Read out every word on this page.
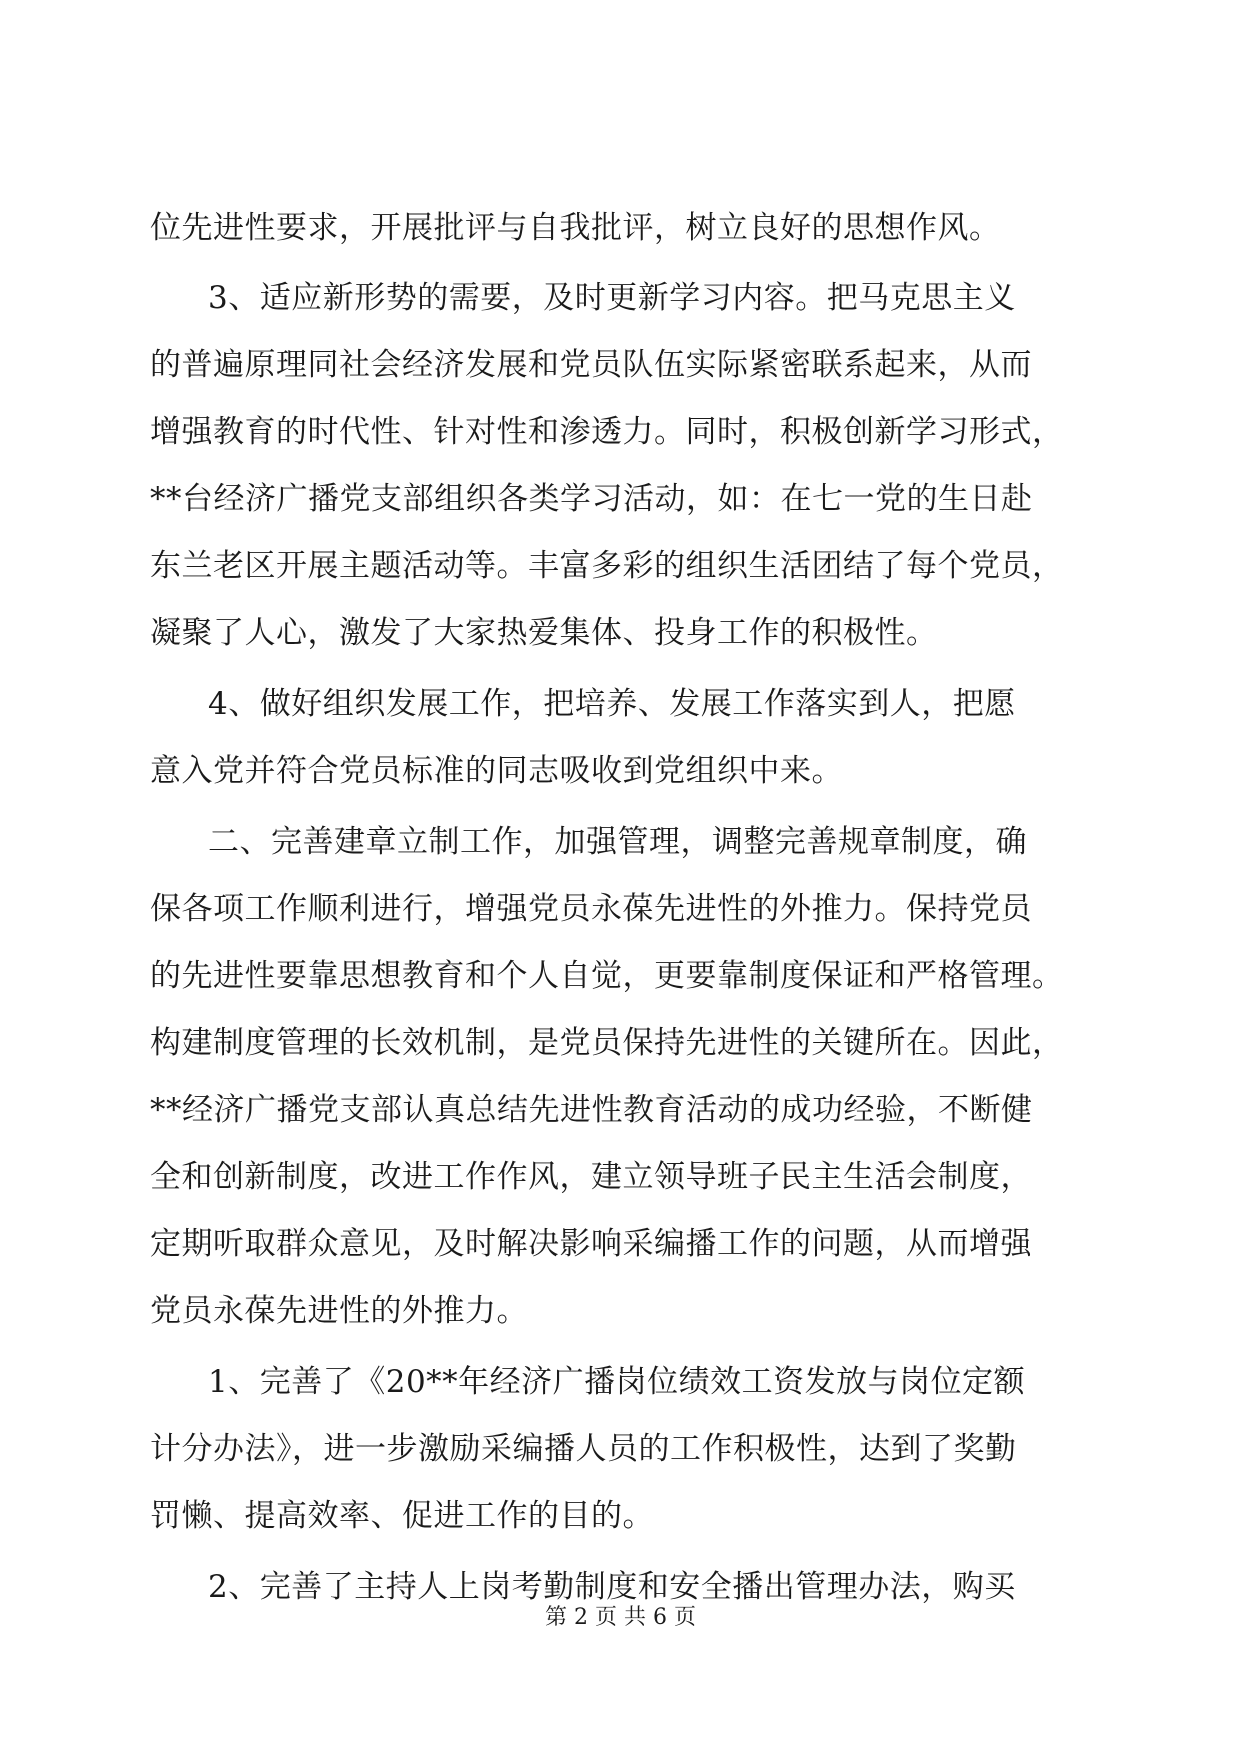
位先进性要求，开展批评与自我批评，树立良好的思想作风。
3、适应新形势的需要，及时更新学习内容。把马克思主义
的普遍原理同社会经济发展和党员队伍实际紧密联系起来，从而
增强教育的时代性、针对性和渗透力。同时，积极创新学习形式，
**台经济广播党支部组织各类学习活动，如：在七一党的生日赴
东兰老区开展主题活动等。丰富多彩的组织生活团结了每个党员，
凝聚了人心，激发了大家热爱集体、投身工作的积极性。
4、做好组织发展工作，把培养、发展工作落实到人，把愿
意入党并符合党员标准的同志吸收到党组织中来。
二、完善建章立制工作，加强管理，调整完善规章制度，确
保各项工作顺利进行，增强党员永葆先进性的外推力。保持党员
的先进性要靠思想教育和个人自觉，更要靠制度保证和严格管理。
构建制度管理的长效机制，是党员保持先进性的关键所在。因此，
**经济广播党支部认真总结先进性教育活动的成功经验，不断健
全和创新制度，改进工作作风，建立领导班子民主生活会制度，
定期听取群众意见，及时解决影响采编播工作的问题，从而增强
党员永葆先进性的外推力。
1、完善了《20**年经济广播岗位绩效工资发放与岗位定额
计分办法》，进一步激励采编播人员的工作积极性，达到了奖勤
罚懒、提高效率、促进工作的目的。
2、完善了主持人上岗考勤制度和安全播出管理办法，购买
第 2 页 共 6 页
